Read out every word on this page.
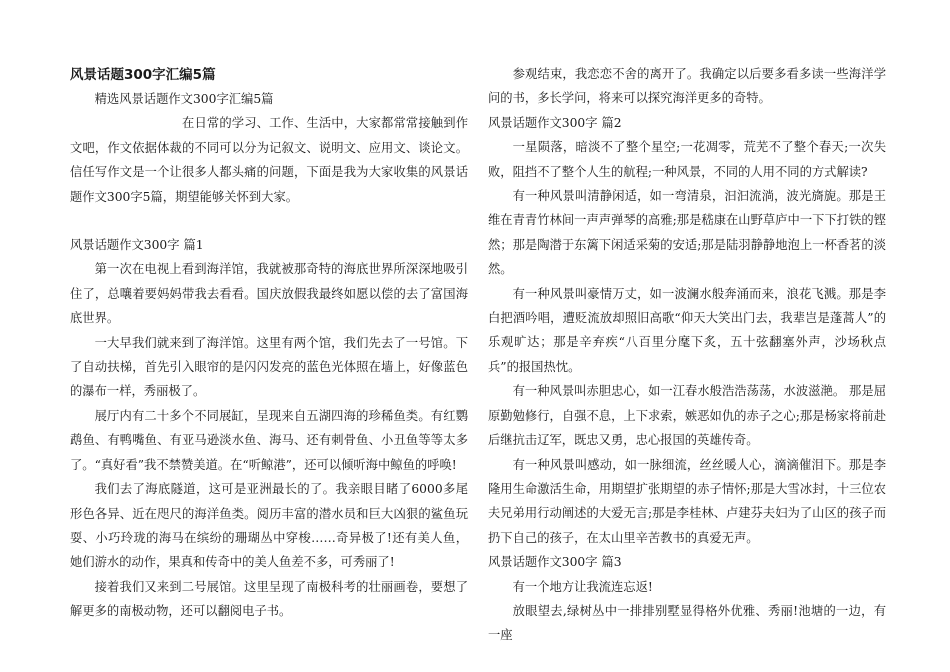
风景话题300字汇编5篇

精选风景话题作文300字汇编5篇

在日常的学习、工作、生活中，大家都常常接触到作文吧，作文依据体裁的不同可以分为记叙文、说明文、应用文、谈论文。信任写作文是一个让很多人都头痛的问题，下面是我为大家收集的风景话题作文300字5篇，期望能够关怀到大家。

风景话题作文300字 篇1

第一次在电视上看到海洋馆，我就被那奇特的海底世界所深深地吸引住了，总嚷着要妈妈带我去看看。国庆放假我最终如愿以偿的去了富国海底世界。

一大早我们就来到了海洋馆。这里有两个馆，我们先去了一号馆。下了自动扶梯，首先引入眼帘的是闪闪发亮的蓝色光体照在墙上，好像蓝色的瀑布一样，秀丽极了。

展厅内有二十多个不同展缸，呈现来自五湖四海的珍稀鱼类。有红鹦鹉鱼、有鸭嘴鱼、有亚马逊淡水鱼、海马、还有刺骨鱼、小丑鱼等等太多了。“真好看”我不禁赞美道。在“听鲸港”，还可以倾听海中鲸鱼的呼唤!

我们去了海底隧道，这可是亚洲最长的了。我亲眼目睹了6000多尾形色各异、近在咫尺的海洋鱼类。阅历丰富的潜水员和巨大凶狠的鲨鱼玩耍、小巧玲珑的海马在缤纷的珊瑚丛中穿梭……奇异极了!还有美人鱼，她们游水的动作，果真和传奇中的美人鱼差不多，可秀丽了!

接着我们又来到二号展馆。这里呈现了南极科考的壮丽画卷，要想了解更多的南极动物，还可以翻阅电子书。

参观结束，我恋恋不舍的离开了。我确定以后要多看多读一些海洋学问的书，多长学问，将来可以探究海洋更多的奇特。

风景话题作文300字 篇2

一星陨落，暗淡不了整个星空;一花凋零，荒芜不了整个春天;一次失败，阻挡不了整个人生的航程;一种风景，不同的人用不同的方式解读?

有一种风景叫清静闲适，如一弯清泉，汩汩流淌，波光旖旎。那是王维在青青竹林间一声声弹琴的高雅;那是嵇康在山野草庐中一下下打铁的铿然；那是陶潜于东篱下闲适采菊的安适;那是陆羽静静地泡上一杯香茗的淡然。

有一种风景叫豪情万丈，如一波澜水般奔涌而来，浪花飞溅。那是李白把酒吟唱，遭贬流放却照旧高歌“仰天大笑出门去，我辈岂是蓬蒿人”的乐观旷达；那是辛弃疾“八百里分麾下炙，五十弦翻塞外声，沙场秋点兵”的报国热忱。

有一种风景叫赤胆忠心，如一江春水般浩浩荡荡，水波滋滟。 那是屈原勤勉修行，自强不息，上下求索，嫉恶如仇的赤子之心;那是杨家将前赴后继抗击辽军，既忠又勇，忠心报国的英雄传奇。

有一种风景叫感动，如一脉细流，丝丝暖人心，滴滴催泪下。那是李隆用生命激活生命，用期望扩张期望的赤子情怀;那是大雪冰封，十三位农夫兄弟用行动阐述的大爱无言;那是李桂林、卢建芬夫妇为了山区的孩子而扔下自己的孩子，在太山里辛苦教书的真爱无声。

风景话题作文300字 篇3

有一个地方让我流连忘返!

放眼望去,绿树丛中一排排别墅显得格外优雅、秀丽!池塘的一边，有一座
